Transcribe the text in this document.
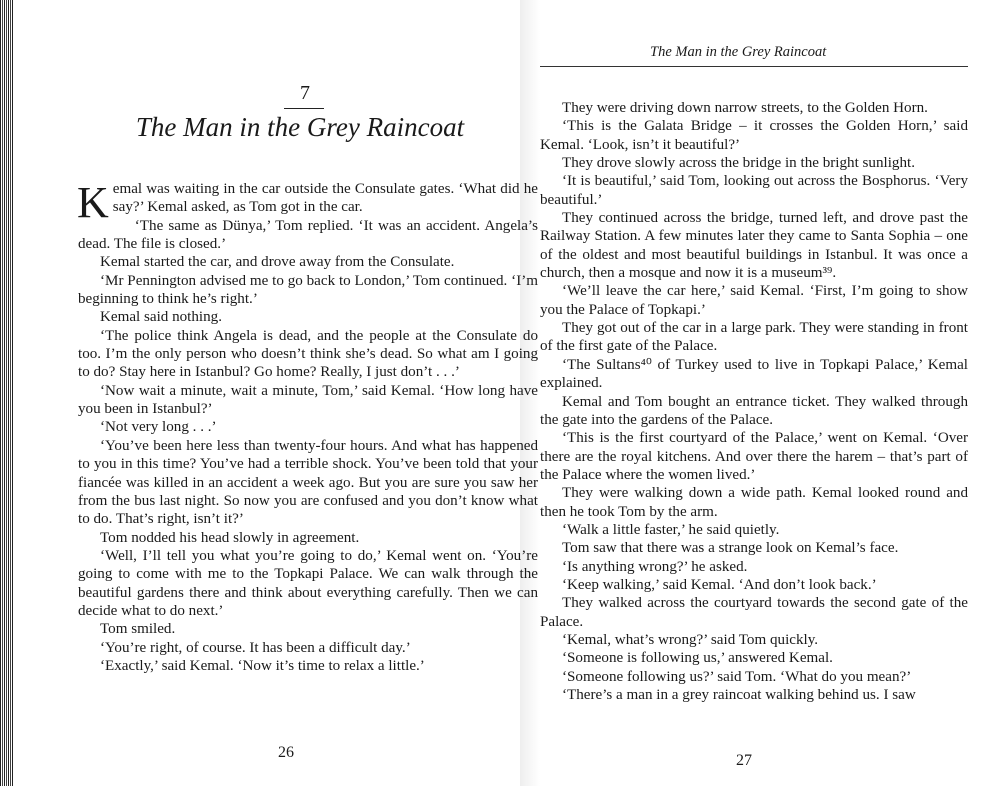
7
The Man in the Grey Raincoat

Kemal was waiting in the car outside the Consulate gates. ‘What did he say?’ Kemal asked, as Tom got in the car.

‘The same as Dünya,’ Tom replied. ‘It was an accident. Angela’s dead. The file is closed.’

Kemal started the car, and drove away from the Consulate.

‘Mr Pennington advised me to go back to London,’ Tom continued. ‘I’m beginning to think he’s right.’

Kemal said nothing.

‘The police think Angela is dead, and the people at the Consulate do too. I’m the only person who doesn’t think she’s dead. So what am I going to do? Stay here in Istanbul? Go home? Really, I just don’t . . .’

‘Now wait a minute, wait a minute, Tom,’ said Kemal. ‘How long have you been in Istanbul?’

‘Not very long . . .’

‘You’ve been here less than twenty-four hours. And what has happened to you in this time? You’ve had a terrible shock. You’ve been told that your fiancée was killed in an accident a week ago. But you are sure you saw her from the bus last night. So now you are confused and you don’t know what to do. That’s right, isn’t it?’

Tom nodded his head slowly in agreement.

‘Well, I’ll tell you what you’re going to do,’ Kemal went on. ‘You’re going to come with me to the Topkapi Palace. We can walk through the beautiful gardens there and think about everything carefully. Then we can decide what to do next.’

Tom smiled.

‘You’re right, of course. It has been a difficult day.’

‘Exactly,’ said Kemal. ‘Now it’s time to relax a little.’

26
The Man in the Grey Raincoat

They were driving down narrow streets, to the Golden Horn.

‘This is the Galata Bridge – it crosses the Golden Horn,’ said Kemal. ‘Look, isn’t it beautiful?’

They drove slowly across the bridge in the bright sunlight.

‘It is beautiful,’ said Tom, looking out across the Bosphorus. ‘Very beautiful.’

They continued across the bridge, turned left, and drove past the Railway Station. A few minutes later they came to Santa Sophia – one of the oldest and most beautiful buildings in Istanbul. It was once a church, then a mosque and now it is a museum³⁹.

‘We’ll leave the car here,’ said Kemal. ‘First, I’m going to show you the Palace of Topkapi.’

They got out of the car in a large park. They were standing in front of the first gate of the Palace.

‘The Sultans⁴⁰ of Turkey used to live in Topkapi Palace,’ Kemal explained.

Kemal and Tom bought an entrance ticket. They walked through the gate into the gardens of the Palace.

‘This is the first courtyard of the Palace,’ went on Kemal. ‘Over there are the royal kitchens. And over there the harem – that’s part of the Palace where the women lived.’

They were walking down a wide path. Kemal looked round and then he took Tom by the arm.

‘Walk a little faster,’ he said quietly.

Tom saw that there was a strange look on Kemal’s face.

‘Is anything wrong?’ he asked.

‘Keep walking,’ said Kemal. ‘And don’t look back.’

They walked across the courtyard towards the second gate of the Palace.

‘Kemal, what’s wrong?’ said Tom quickly.

‘Someone is following us,’ answered Kemal.

‘Someone following us?’ said Tom. ‘What do you mean?’

‘There’s a man in a grey raincoat walking behind us. I saw

27
